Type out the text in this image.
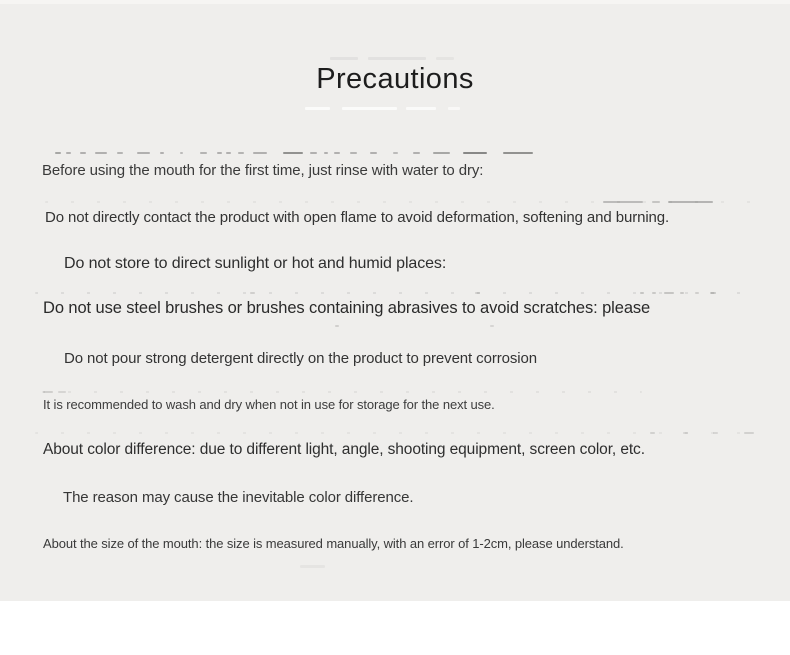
Precautions
Before using the mouth for the first time, just rinse with water to dry:
Do not directly contact the product with open flame to avoid deformation, softening and burning.
Do not store to direct sunlight or hot and humid places:
Do not use steel brushes or brushes containing abrasives to avoid scratches: please
Do not pour strong detergent directly on the product to prevent corrosion
It is recommended to wash and dry when not in use for storage for the next use.
About color difference: due to different light, angle, shooting equipment, screen color, etc.
The reason may cause the inevitable color difference.
About the size of the mouth: the size is measured manually, with an error of 1-2cm, please understand.
